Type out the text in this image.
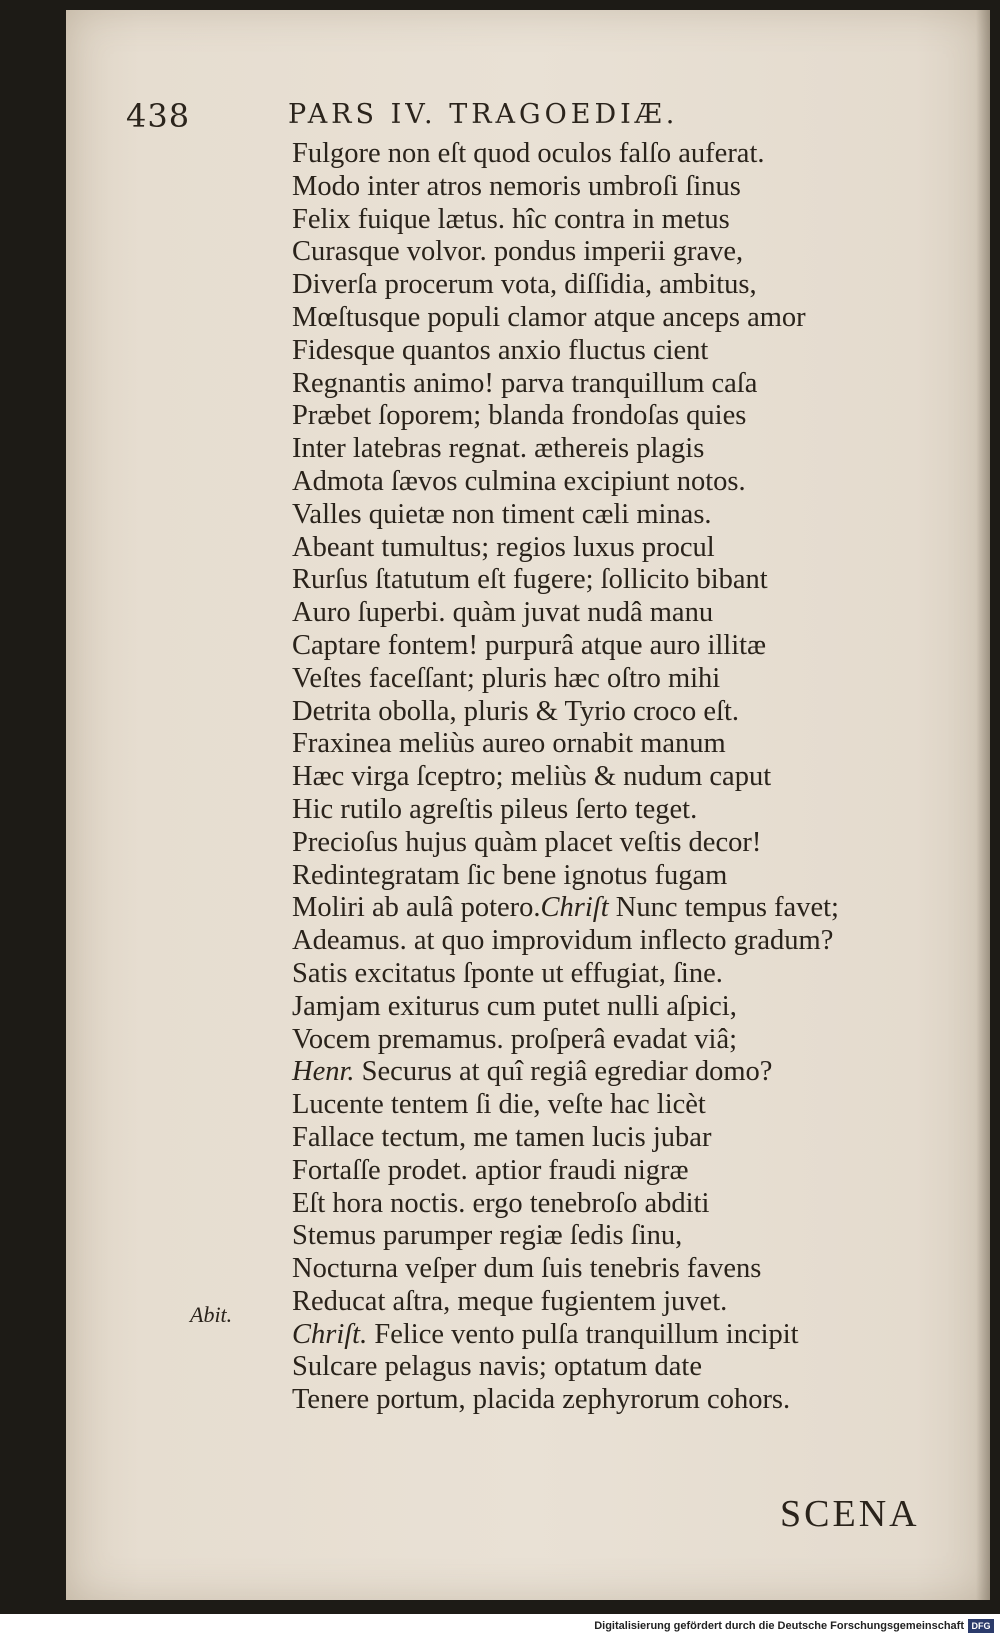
438	PARS IV. TRAGOEDIÆ.
Fulgore non eſt quod oculos falſo auferat.
Modo inter atros nemoris umbroſi ſinus
Felix fuique lætus. hîc contra in metus
Curasque volvor. pondus imperii grave,
Diverſa procerum vota, diſſidia, ambitus,
Mœſtusque populi clamor atque anceps amor
Fidesque quantos anxio fluctus cient
Regnantis animo! parva tranquillum caſa
Præbet ſoporem; blanda frondoſas quies
Inter latebras regnat. æthereis plagis
Admota ſævos culmina excipiunt notos.
Valles quietæ non timent cæli minas.
Abeant tumultus; regios luxus procul
Rurſus ſtatutum eſt fugere; ſollicito bibant
Auro ſuperbi. quàm juvat nudâ manu
Captare fontem! purpurâ atque auro illitæ
Veſtes faceſſant; pluris hæc oſtro mihi
Detrita obolla, pluris & Tyrio croco eſt.
Fraxinea meliùs aureo ornabit manum
Hæc virga ſceptro; meliùs & nudum caput
Hic rutilo agreſtis pileus ſerto teget.
Precioſus hujus quàm placet veſtis decor!
Redintegratam ſic bene ignotus fugam
Moliri ab aulâ potero.Chriſt Nunc tempus favet;
Adeamus. at quo improvidum inflecto gradum?
Satis excitatus ſponte ut effugiat, ſine.
Jamjam exiturus cum putet nulli aſpici,
Vocem premamus. proſperâ evadat viâ;
Henr. Securus at quî regiâ egrediar domo?
Lucente tentem ſi die, veſte hac licèt
Fallace tectum, me tamen lucis jubar
Fortaſſe prodet. aptior fraudi nigræ
Eſt hora noctis. ergo tenebroſo abditi
Stemus parumper regiæ ſedis ſinu,
Nocturna veſper dum ſuis tenebris favens
Reducat aſtra, meque fugientem juvet.
Chriſt. Felice vento pulſa tranquillum incipit
Sulcare pelagus navis; optatum date
Tenere portum, placida zephyrorum cohors.
Abit.
SCENA
Digitalisierung gefördert durch die Deutsche Forschungsgemeinschaft DFG
